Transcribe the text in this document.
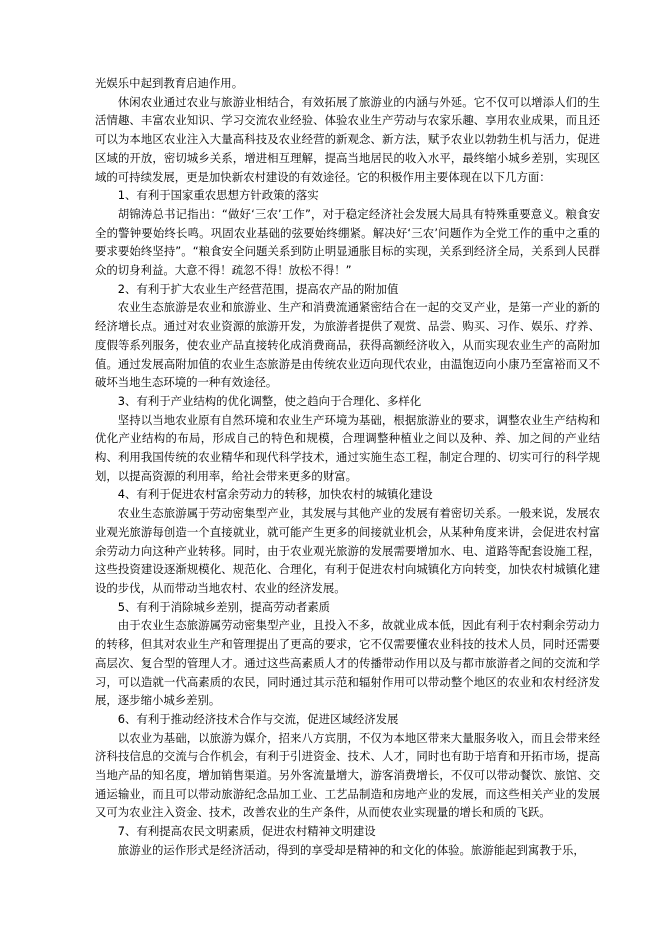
光娱乐中起到教育启迪作用。

休闲农业通过农业与旅游业相结合，有效拓展了旅游业的内涵与外延。它不仅可以增添人们的生活情趣、丰富农业知识、学习交流农业经验、体验农业生产劳动与农家乐趣、享用农业成果，而且还可以为本地区农业注入大量高科技及农业经营的新观念、新方法，赋予农业以勃勃生机与活力，促进区域的开放，密切城乡关系，增进相互理解，提高当地居民的收入水平，最终缩小城乡差别，实现区域的可持续发展，更是加快新农村建设的有效途径。它的积极作用主要体现在以下几方面：

1、有利于国家重农思想方针政策的落实

胡锦涛总书记指出：“做好‘三农’工作”，对于稳定经济社会发展大局具有特殊重要意义。粮食安全的警钟要始终长鸣。巩固农业基础的弦要始终绷紧。解决好‘三农’问题作为全党工作的重中之重的要求要始终坚持”。“粮食安全问题关系到防止明显通胀目标的实现，关系到经济全局，关系到人民群众的切身利益。大意不得！疏忽不得！放松不得！”

2、有利于扩大农业生产经营范围，提高农产品的附加值

农业生态旅游是农业和旅游业、生产和消费流通紧密结合在一起的交叉产业，是第一产业的新的经济增长点。通过对农业资源的旅游开发，为旅游者提供了观赏、品尝、购买、习作、娱乐、疗养、度假等系列服务，使农业产品直接转化成消费商品，获得高额经济收入，从而实现农业生产的高附加值。通过发展高附加值的农业生态旅游是由传统农业迈向现代农业，由温饱迈向小康乃至富裕而又不破坏当地生态环境的一种有效途径。

3、有利于产业结构的优化调整，使之趋向于合理化、多样化

坚持以当地农业原有自然环境和农业生产环境为基础，根据旅游业的要求，调整农业生产结构和优化产业结构的布局，形成自己的特色和规模，合理调整种植业之间以及种、养、加之间的产业结构、利用我国传统的农业精华和现代科学技术，通过实施生态工程，制定合理的、切实可行的科学规划，以提高资源的利用率，给社会带来更多的财富。

4、有利于促进农村富余劳动力的转移，加快农村的城镇化建设

农业生态旅游属于劳动密集型产业，其发展与其他产业的发展有着密切关系。一般来说，发展农业观光旅游每创造一个直接就业，就可能产生更多的间接就业机会，从某种角度来讲，会促进农村富余劳动力向这种产业转移。同时，由于农业观光旅游的发展需要增加水、电、道路等配套设施工程，这些投资建设逐渐规模化、规范化、合理化，有利于促进农村向城镇化方向转变，加快农村城镇化建设的步伐，从而带动当地农村、农业的经济发展。

5、有利于消除城乡差别，提高劳动者素质

由于农业生态旅游属劳动密集型产业，且投入不多，故就业成本低，因此有利于农村剩余劳动力的转移，但其对农业生产和管理提出了更高的要求，它不仅需要懂农业科技的技术人员，同时还需要高层次、复合型的管理人才。通过这些高素质人才的传播带动作用以及与都市旅游者之间的交流和学习，可以造就一代高素质的农民，同时通过其示范和辐射作用可以带动整个地区的农业和农村经济发展，逐步缩小城乡差别。

6、有利于推动经济技术合作与交流，促进区域经济发展

以农业为基础，以旅游为媒介，招来八方宾朋，不仅为本地区带来大量服务收入，而且会带来经济科技信息的交流与合作机会，有利于引进资金、技术、人才，同时也有助于培育和开拓市场，提高当地产品的知名度，增加销售渠道。另外客流量增大，游客消费增长，不仅可以带动餐饮、旅馆、交通运输业，而且可以带动旅游纪念品加工业、工艺品制造和房地产业的发展，而这些相关产业的发展又可为农业注入资金、技术，改善农业的生产条件，从而使农业实现量的增长和质的飞跃。

7、有利提高农民文明素质，促进农村精神文明建设

旅游业的运作形式是经济活动，得到的享受却是精神的和文化的体验。旅游能起到寓教于乐，
